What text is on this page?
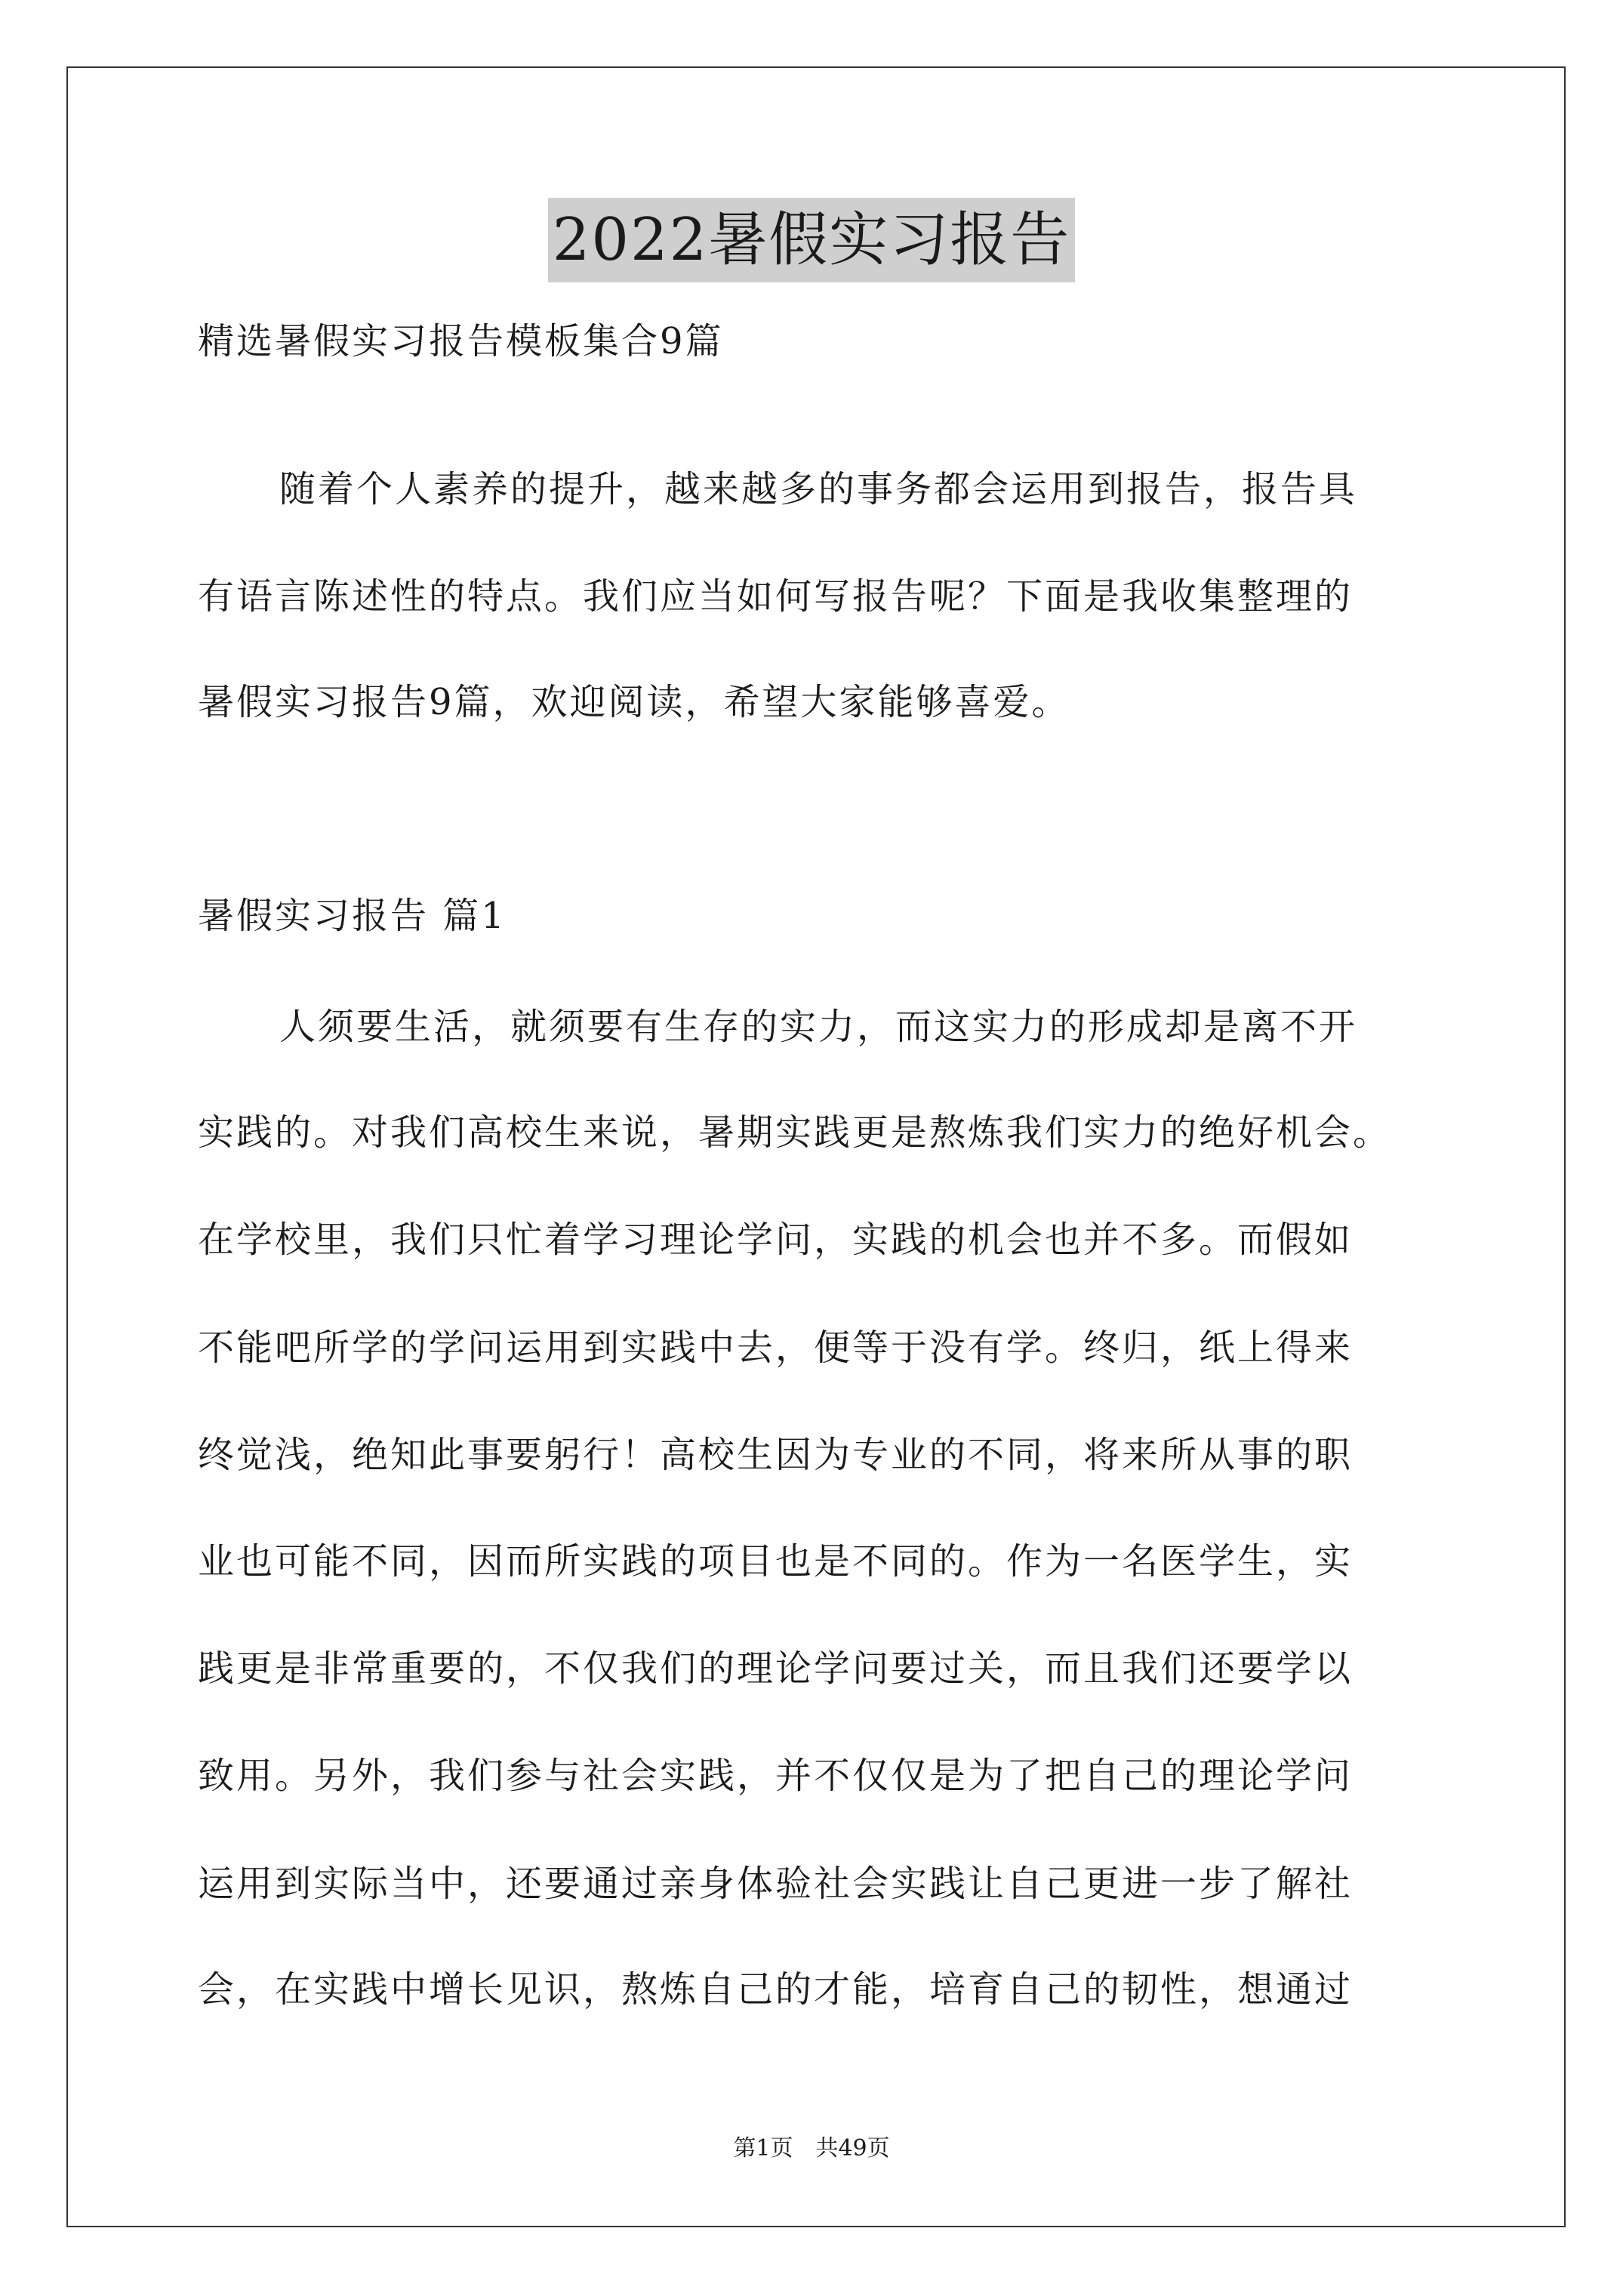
2022暑假实习报告
精选暑假实习报告模板集合9篇
随着个人素养的提升，越来越多的事务都会运用到报告，报告具
有语言陈述性的特点。我们应当如何写报告呢？下面是我收集整理的
暑假实习报告9篇，欢迎阅读，希望大家能够喜爱。
暑假实习报告 篇1
人须要生活，就须要有生存的实力，而这实力的形成却是离不开
实践的。对我们高校生来说，暑期实践更是熬炼我们实力的绝好机会。
在学校里，我们只忙着学习理论学问，实践的机会也并不多。而假如
不能吧所学的学问运用到实践中去，便等于没有学。终归，纸上得来
终觉浅，绝知此事要躬行！高校生因为专业的不同，将来所从事的职
业也可能不同，因而所实践的项目也是不同的。作为一名医学生，实
践更是非常重要的，不仅我们的理论学问要过关，而且我们还要学以
致用。另外，我们参与社会实践，并不仅仅是为了把自己的理论学问
运用到实际当中，还要通过亲身体验社会实践让自己更进一步了解社
会，在实践中增长见识，熬炼自己的才能，培育自己的韧性，想通过
第1页　共49页
